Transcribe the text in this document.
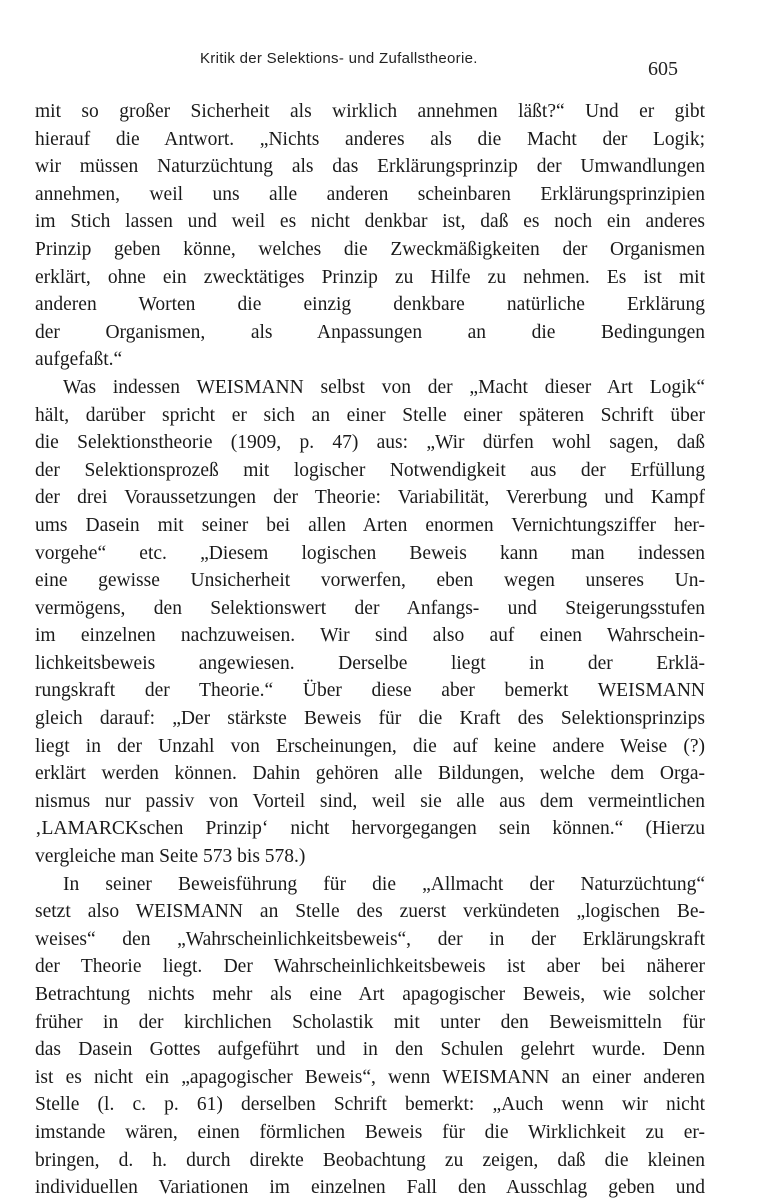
Kritik der Selektions- und Zufallstheorie.	605
mit so großer Sicherheit als wirklich annehmen läßt?“ Und er gibt
hierauf die Antwort. „Nichts anderes als die Macht der Logik;
wir müssen Naturzüchtung als das Erklärungsprinzip der Umwandlungen
annehmen, weil uns alle anderen scheinbaren Erklärungsprinzipien
im Stich lassen und weil es nicht denkbar ist, daß es noch ein anderes
Prinzip geben könne, welches die Zweckmäßigkeiten der Organismen
erklärt, ohne ein zwecktätiges Prinzip zu Hilfe zu nehmen. Es ist mit
anderen Worten die einzig denkbare natürliche Erklärung
der Organismen, als Anpassungen an die Bedingungen
aufgefaßt.“
Was indessen WEISMANN selbst von der „Macht dieser Art Logik“
hält, darüber spricht er sich an einer Stelle einer späteren Schrift über
die Selektionstheorie (1909, p. 47) aus: „Wir dürfen wohl sagen, daß
der Selektionsprozeß mit logischer Notwendigkeit aus der Erfüllung
der drei Voraussetzungen der Theorie: Variabilität, Vererbung und Kampf
ums Dasein mit seiner bei allen Arten enormen Vernichtungsziffer her-
vorgehe“ etc. „Diesem logischen Beweis kann man indessen
eine gewisse Unsicherheit vorwerfen, eben wegen unseres Un-
vermögens, den Selektionswert der Anfangs- und Steigerungsstufen
im einzelnen nachzuweisen. Wir sind also auf einen Wahrschein-
lichkeitsbeweis angewiesen. Derselbe liegt in der Erklä-
rungskraft der Theorie.“ Über diese aber bemerkt WEISMANN
gleich darauf: „Der stärkste Beweis für die Kraft des Selektionsprinzips
liegt in der Unzahl von Erscheinungen, die auf keine andere Weise (?)
erklärt werden können. Dahin gehören alle Bildungen, welche dem Orga-
nismus nur passiv von Vorteil sind, weil sie alle aus dem vermeintlichen
‚LAMARCKschen Prinzip‘ nicht hervorgegangen sein können.“ (Hierzu
vergleiche man Seite 573 bis 578.)
In seiner Beweisführung für die „Allmacht der Naturzüchtung“
setzt also WEISMANN an Stelle des zuerst verkündeten „logischen Be-
weises“ den „Wahrscheinlichkeitsbeweis“, der in der Erklärungskraft
der Theorie liegt. Der Wahrscheinlichkeitsbeweis ist aber bei näherer
Betrachtung nichts mehr als eine Art apagogischer Beweis, wie solcher
früher in der kirchlichen Scholastik mit unter den Beweismitteln für
das Dasein Gottes aufgeführt und in den Schulen gelehrt wurde. Denn
ist es nicht ein „apagogischer Beweis“, wenn WEISMANN an einer anderen
Stelle (l. c. p. 61) derselben Schrift bemerkt: „Auch wenn wir nicht
imstande wären, einen förmlichen Beweis für die Wirklichkeit zu er-
bringen, d. h. durch direkte Beobachtung zu zeigen, daß die kleinen
individuellen Variationen im einzelnen Fall den Ausschlag geben und
